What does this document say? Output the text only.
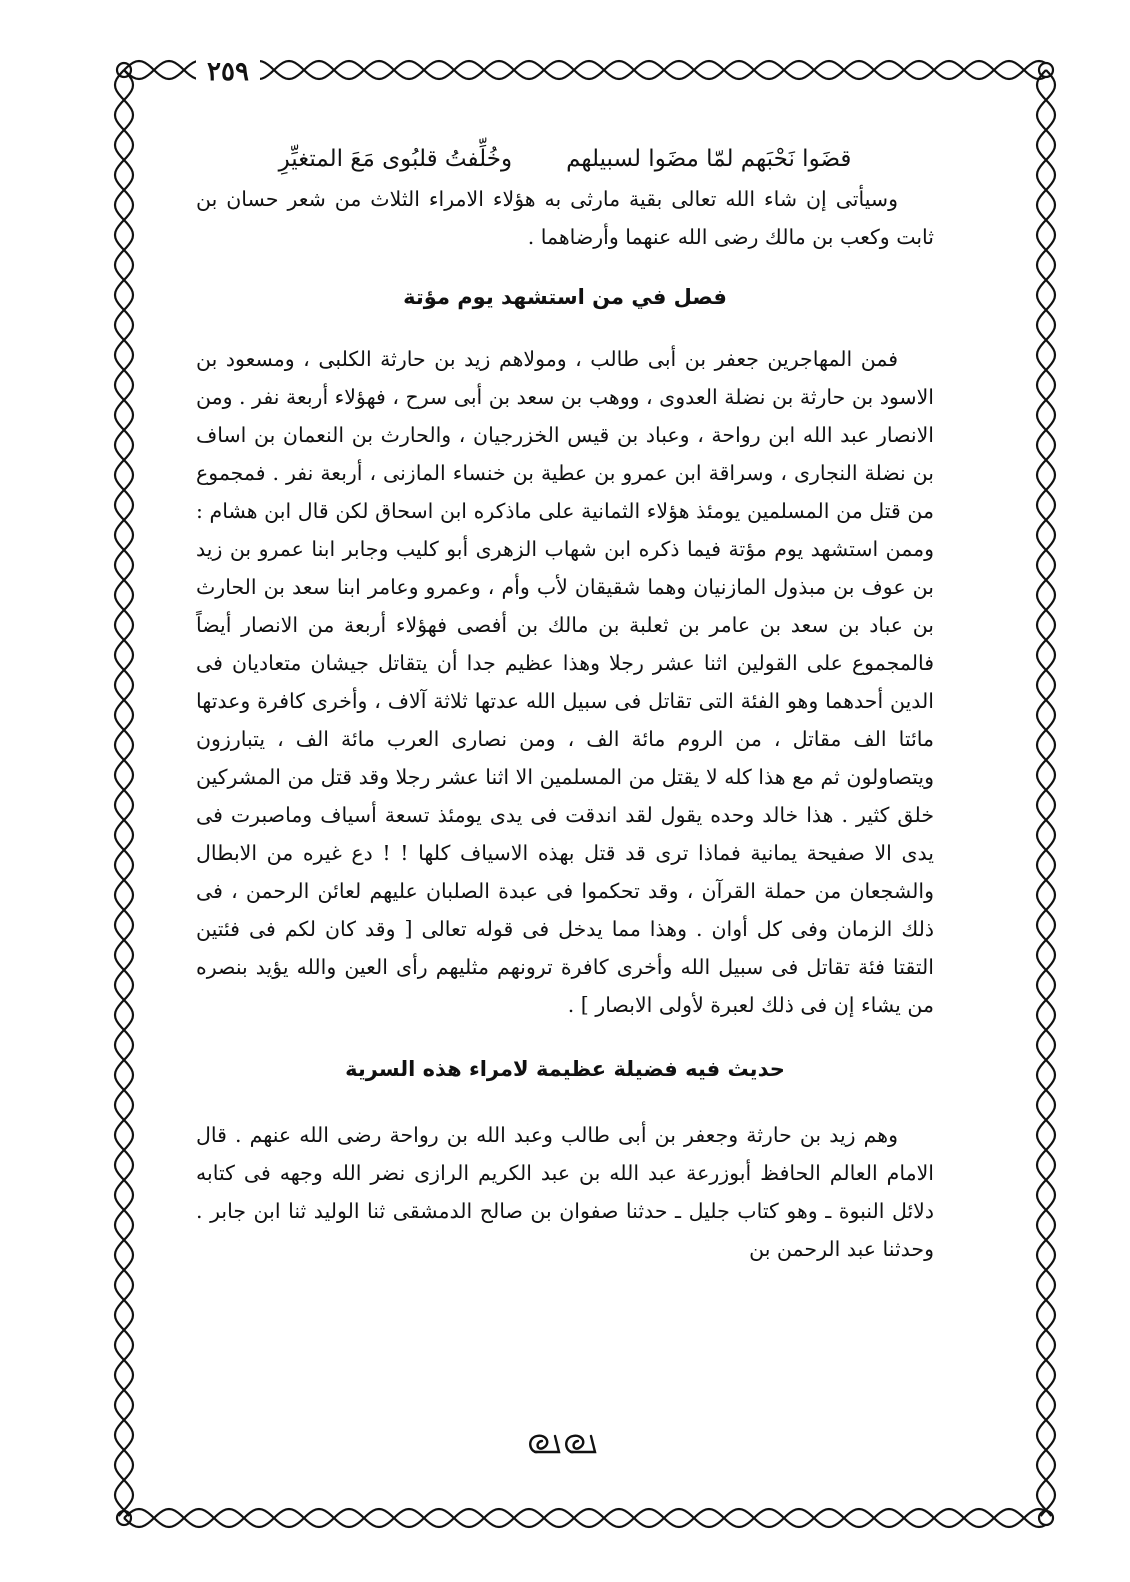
٢٥٩
قضَوا نَحْبَهم لمّا مضَوا لسبيلهم
وخُلِّفتُ قلبُوى مَعَ المتغيِّرِ

وسيأتى إن شاء الله تعالى بقية مارثى به هؤلاء الامراء الثلاث من شعر حسان بن ثابت وكعب بن مالك رضى الله عنهما وأرضاهما .

فصل في من استشهد يوم مؤتة

فمن المهاجرين جعفر بن أبى طالب ، ومولاهم زيد بن حارثة الكلبى ، ومسعود بن الاسود بن حارثة بن نضلة العدوى ، ووهب بن سعد بن أبى سرح ، فهؤلاء أربعة نفر . ومن الانصار عبد الله ابن رواحة ، وعباد بن قيس الخزرجيان ، والحارث بن النعمان بن اساف بن نضلة النجارى ، وسراقة ابن عمرو بن عطية بن خنساء المازنى ، أربعة نفر . فمجموع من قتل من المسلمين يومئذ هؤلاء الثمانية على ماذكره ابن اسحاق لكن قال ابن هشام : وممن استشهد يوم مؤتة فيما ذكره ابن شهاب الزهرى أبو كليب وجابر ابنا عمرو بن زيد بن عوف بن مبذول المازنيان وهما شقيقان لأب وأم ، وعمرو وعامر ابنا سعد بن الحارث بن عباد بن سعد بن عامر بن ثعلبة بن مالك بن أفصى فهؤلاء أربعة من الانصار أيضاً فالمجموع على القولين اثنا عشر رجلا وهذا عظيم جدا أن يتقاتل جيشان متعاديان فى الدين أحدهما وهو الفئة التى تقاتل فى سبيل الله عدتها ثلاثة آلاف ، وأخرى كافرة وعدتها مائتا الف مقاتل ، من الروم مائة الف ، ومن نصارى العرب مائة الف ، يتبارزون ويتصاولون ثم مع هذا كله لا يقتل من المسلمين الا اثنا عشر رجلا وقد قتل من المشركين خلق كثير . هذا خالد وحده يقول لقد اندقت فى يدى يومئذ تسعة أسياف وماصبرت فى يدى الا صفيحة يمانية فماذا ترى قد قتل بهذه الاسياف كلها ! ! دع غيره من الابطال والشجعان من حملة القرآن ، وقد تحكموا فى عبدة الصلبان عليهم لعائن الرحمن ، فى ذلك الزمان وفى كل أوان . وهذا مما يدخل فى قوله تعالى [ وقد كان لكم فى فئتين التقتا فئة تقاتل فى سبيل الله وأخرى كافرة ترونهم مثليهم رأى العين والله يؤيد بنصره من يشاء إن فى ذلك لعبرة لأولى الابصار ] .

حديث فيه فضيلة عظيمة لامراء هذه السرية

وهم زيد بن حارثة وجعفر بن أبى طالب وعبد الله بن رواحة رضى الله عنهم . قال الامام العالم الحافظ أبوزرعة عبد الله بن عبد الكريم الرازى نضر الله وجهه فى كتابه دلائل النبوة ـ وهو كتاب جليل ـ حدثنا صفوان بن صالح الدمشقى ثنا الوليد ثنا ابن جابر . وحدثنا عبد الرحمن بن
